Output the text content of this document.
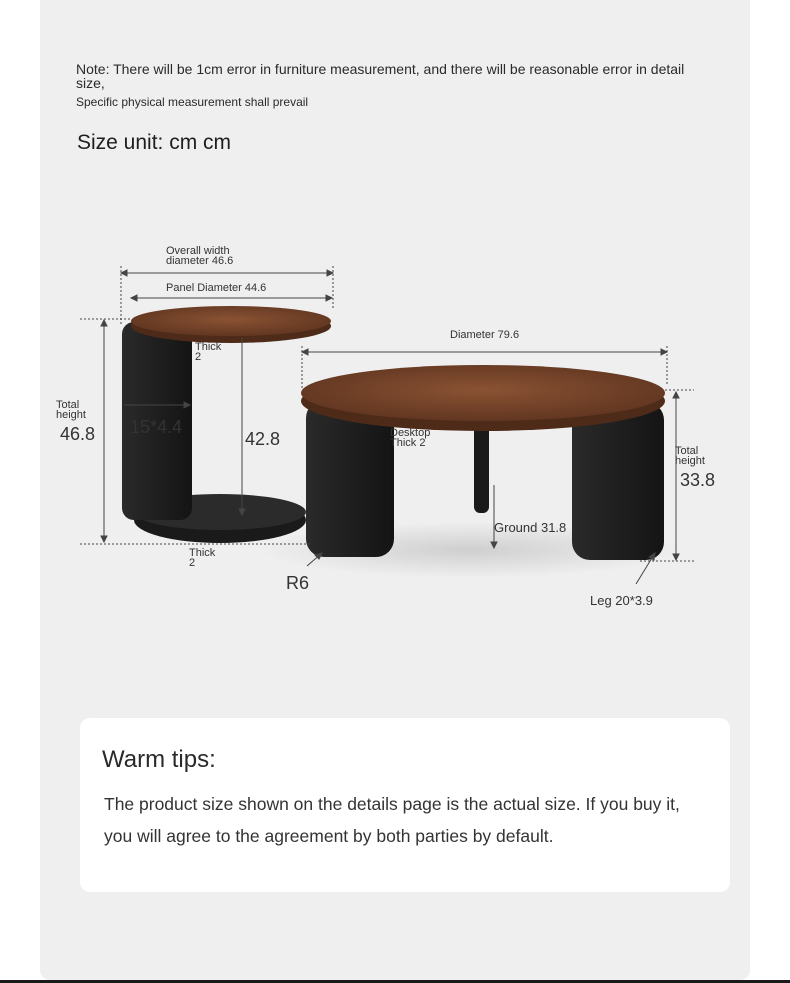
Note: There will be 1cm error in furniture measurement, and there will be reasonable error in detail size,
Specific physical measurement shall prevail
Size unit: cm cm
Overall width
diameter 46.6
Panel Diameter 44.6
Thick
2
Total
height
46.8 15*4.4
42.8
Thick
2
R6
Diameter 79.6
Desktop
Thick 2
Ground 31.8
Total
height
33.8
Leg 20*3.9
Warm tips:
The product size shown on the details page is the actual size. If you buy it, you will agree to the agreement by both parties by default.
